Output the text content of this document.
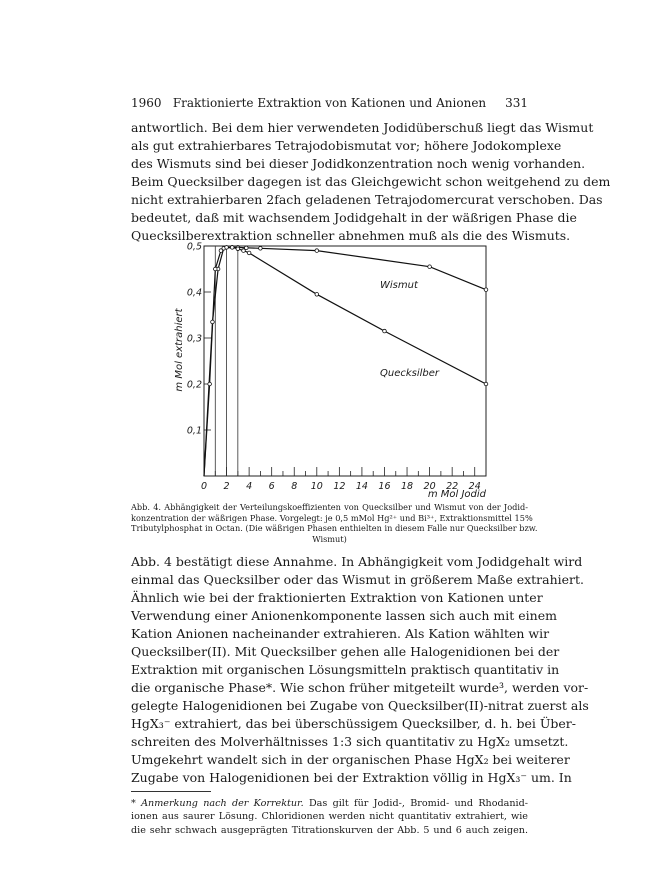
1960 Fraktionierte Extraktion von Kationen und Anionen	331
antwortlich. Bei dem hier verwendeten Jodidüberschuß liegt das Wismut
als gut extrahierbares Tetrajodobismutat vor; höhere Jodokomplexe
des Wismuts sind bei dieser Jodidkonzentration noch wenig vorhanden.
Beim Quecksilber dagegen ist das Gleichgewicht schon weitgehend zu dem
nicht extrahierbaren 2fach geladenen Tetrajodomercurat verschoben. Das
bedeutet, daß mit wachsendem Jodidgehalt in der wäßrigen Phase die
Quecksilberextraktion schneller abnehmen muß als die des Wismuts.
0 2 4 6 8 10 12 14 16 18 20 22 24
0,1
0,2
0,3
0,4
0,5
Wismut
Quecksilber
m Mol Jodid
m Mol extrahiert
Abb. 4. Abhängigkeit der Verteilungskoeffizienten von Quecksilber und Wismut von der Jodid-
konzentration der wäßrigen Phase. Vorgelegt: je 0,5 mMol Hg²⁺ und Bi³⁺, Extraktionsmittel 15%
Tributylphosphat in Octan. (Die wäßrigen Phasen enthielten in diesem Falle nur Quecksilber bzw.
Wismut)
Abb. 4 bestätigt diese Annahme. In Abhängigkeit vom Jodidgehalt wird
einmal das Quecksilber oder das Wismut in größerem Maße extrahiert.
Ähnlich wie bei der fraktionierten Extraktion von Kationen unter
Verwendung einer Anionenkomponente lassen sich auch mit einem
Kation Anionen nacheinander extrahieren. Als Kation wählten wir
Quecksilber(II). Mit Quecksilber gehen alle Halogenidionen bei der
Extraktion mit organischen Lösungsmitteln praktisch quantitativ in
die organische Phase*. Wie schon früher mitgeteilt wurde³, werden vor-
gelegte Halogenidionen bei Zugabe von Quecksilber(II)-nitrat zuerst als
HgX₃⁻ extrahiert, das bei überschüssigem Quecksilber, d. h. bei Über-
schreiten des Molverhältnisses 1:3 sich quantitativ zu HgX₂ umsetzt.
Umgekehrt wandelt sich in der organischen Phase HgX₂ bei weiterer
Zugabe von Halogenidionen bei der Extraktion völlig in HgX₃⁻ um. In
* Anmerkung nach der Korrektur. Das gilt für Jodid-, Bromid- und Rhodanid-
ionen aus saurer Lösung. Chloridionen werden nicht quantitativ extrahiert, wie
die sehr schwach ausgeprägten Titrationskurven der Abb. 5 und 6 auch zeigen.
